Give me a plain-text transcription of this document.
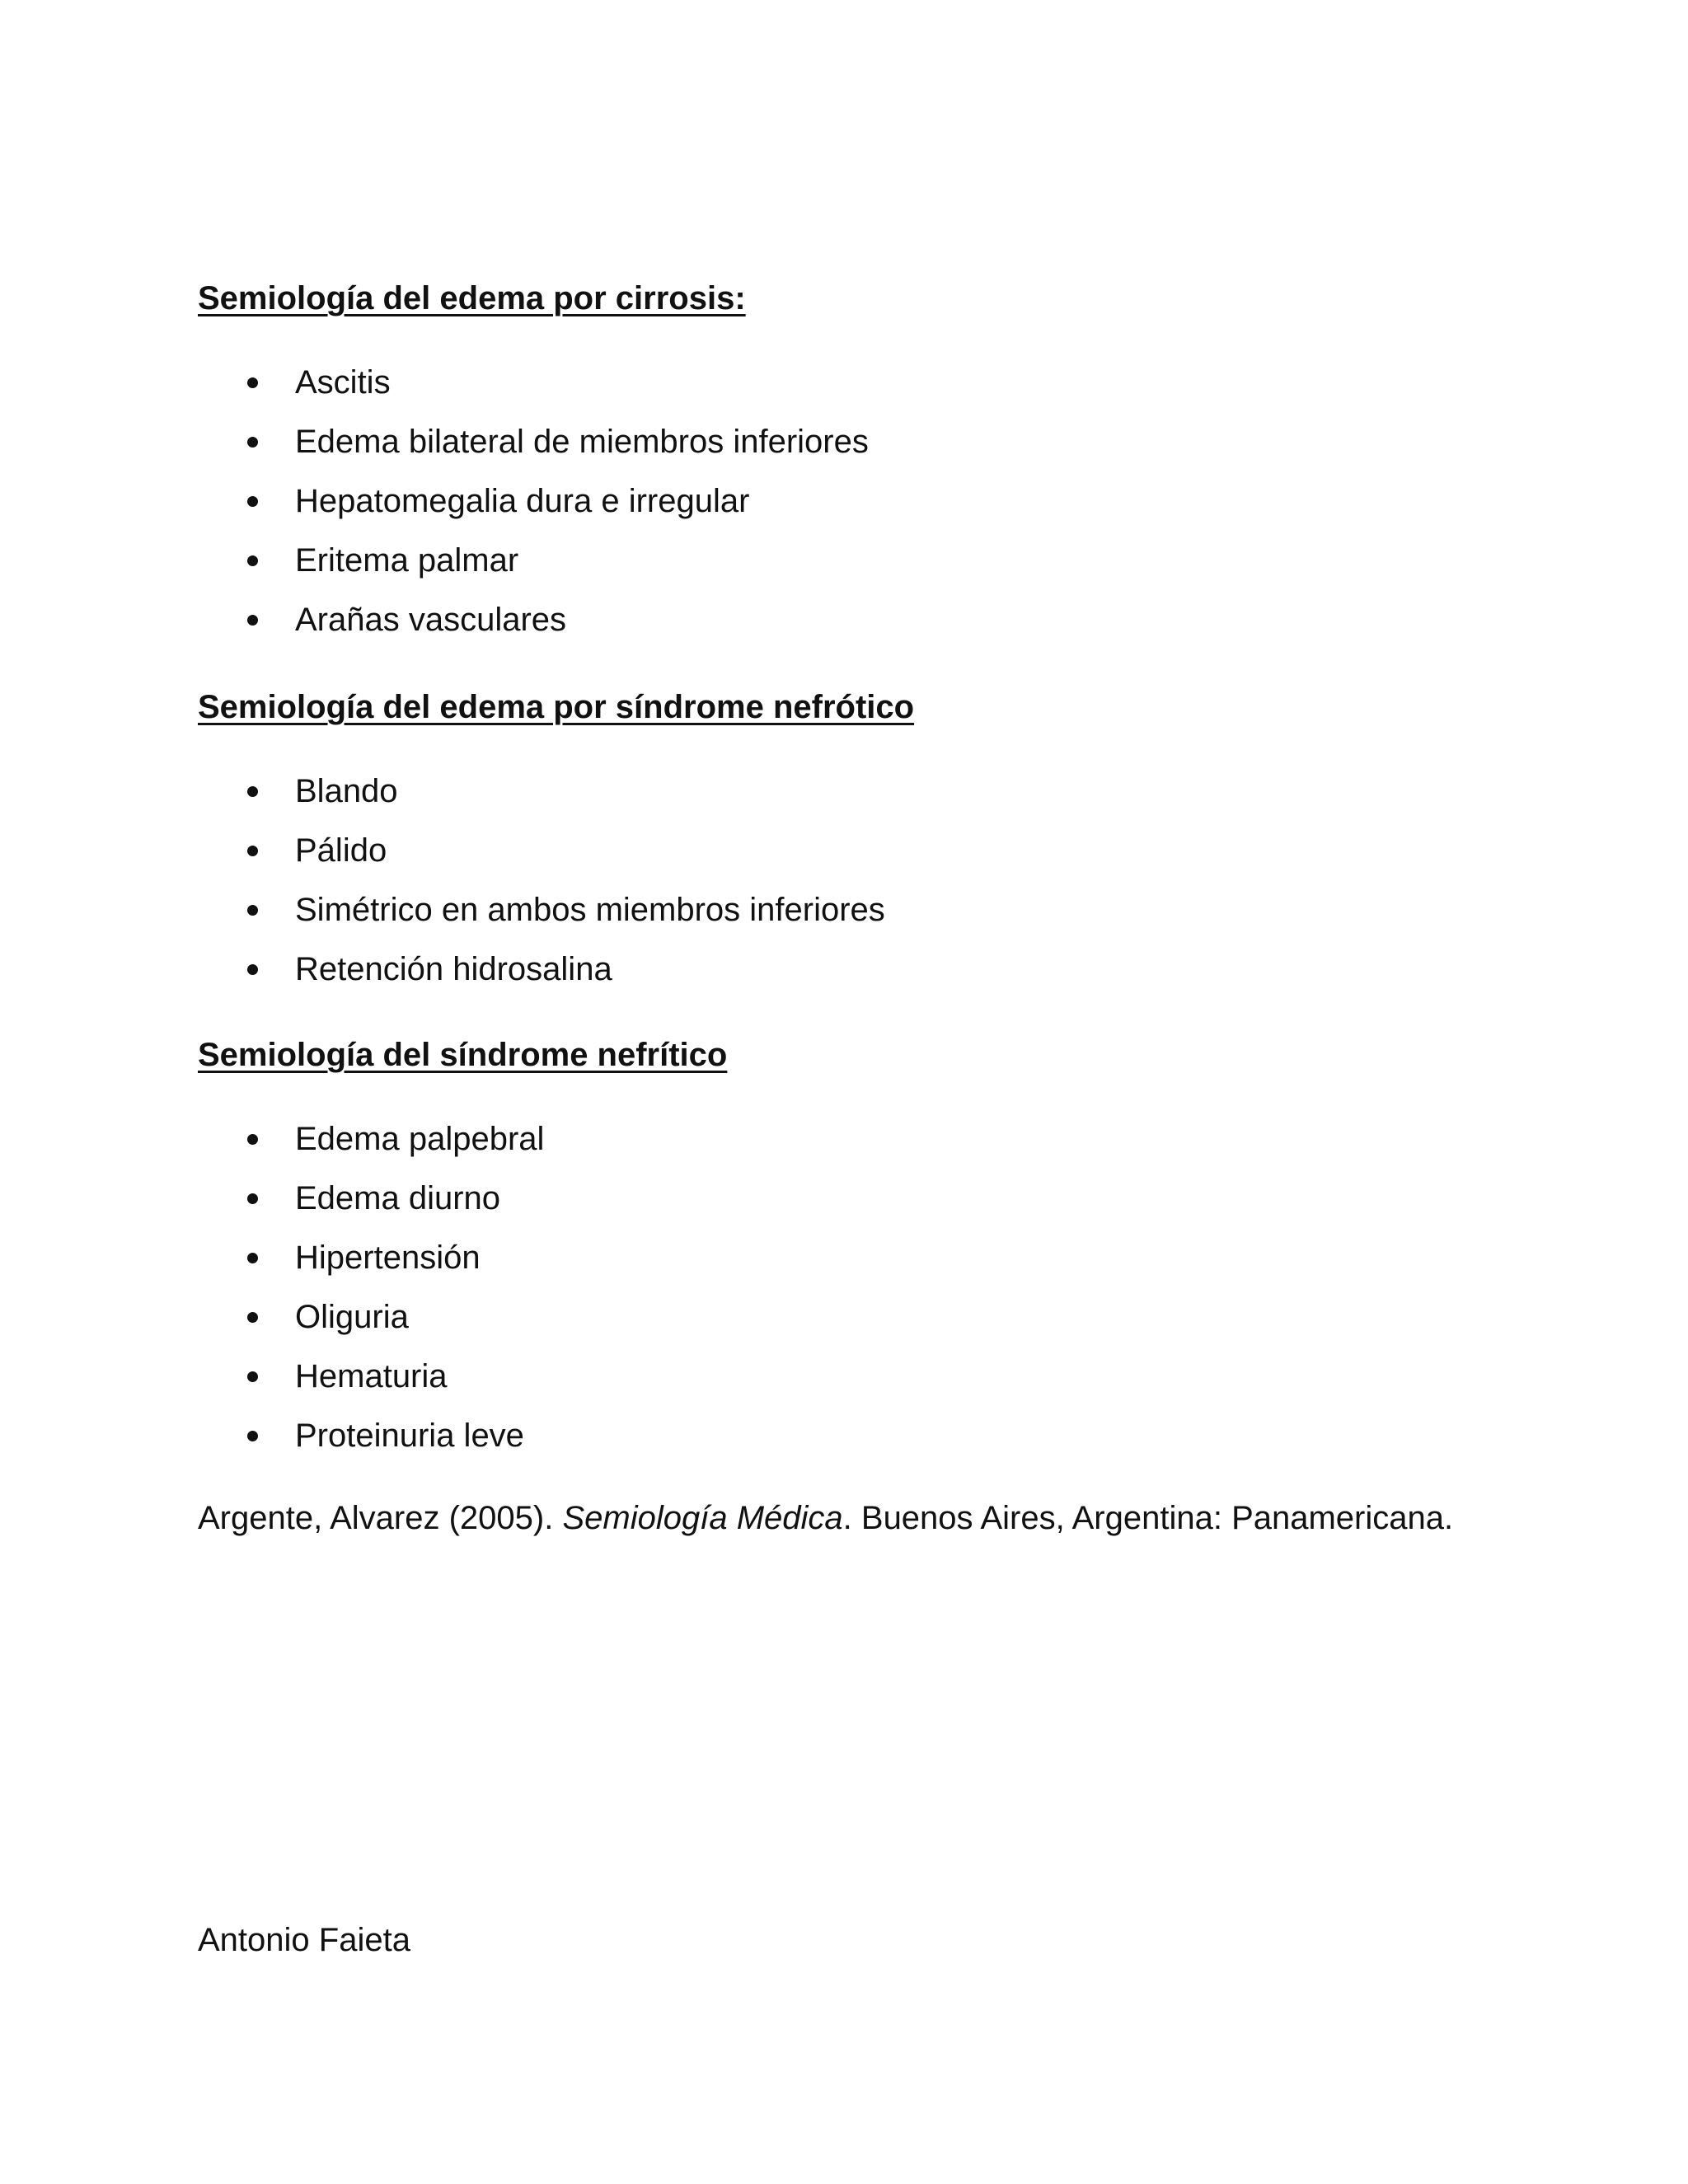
Semiología del edema por cirrosis:
Ascitis
Edema bilateral de miembros inferiores
Hepatomegalia dura e irregular
Eritema palmar
Arañas vasculares
Semiología del edema por síndrome nefrótico
Blando
Pálido
Simétrico en ambos miembros inferiores
Retención hidrosalina
Semiología del síndrome nefrítico
Edema palpebral
Edema diurno
Hipertensión
Oliguria
Hematuria
Proteinuria leve

Argente, Alvarez (2005). Semiología Médica. Buenos Aires, Argentina: Panamericana.

Antonio Faieta
